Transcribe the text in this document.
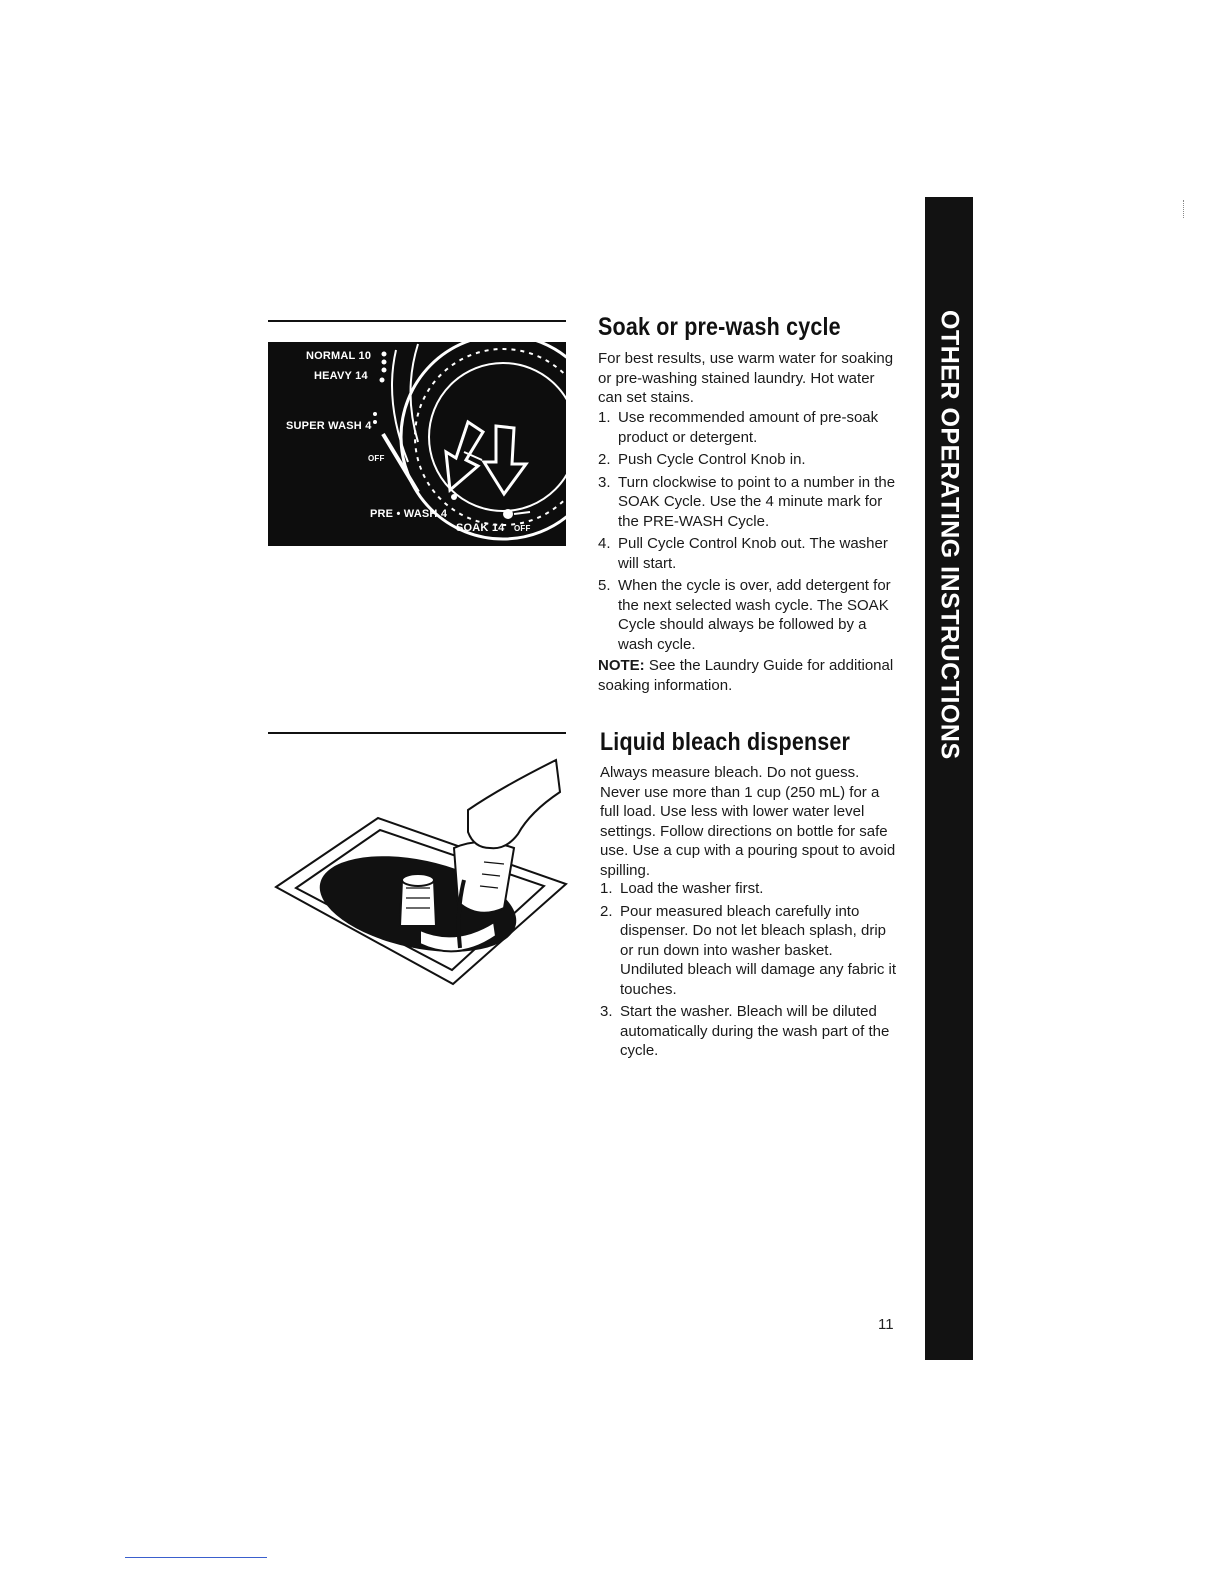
NORMAL 10
HEAVY 14
SUPER WASH 4
OFF
PRE • WASH 4
SOAK 14 OFF
Soak or pre-wash cycle

For best results, use warm water for soaking or pre-washing stained laundry. Hot water can set stains.

1. Use recommended amount of pre-soak product or detergent.
2. Push Cycle Control Knob in.
3. Turn clockwise to point to a number in the SOAK Cycle. Use the 4 minute mark for the PRE-WASH Cycle.
4. Pull Cycle Control Knob out. The washer will start.
5. When the cycle is over, add detergent for the next selected wash cycle. The SOAK Cycle should always be followed by a wash cycle.

NOTE: See the Laundry Guide for additional soaking information.

Liquid bleach dispenser

Always measure bleach. Do not guess. Never use more than 1 cup (250 mL) for a full load. Use less with lower water level settings. Follow directions on bottle for safe use. Use a cup with a pouring spout to avoid spilling.

1. Load the washer first.
2. Pour measured bleach carefully into dispenser. Do not let bleach splash, drip or run down into washer basket. Undiluted bleach will damage any fabric it touches.
3. Start the washer. Bleach will be diluted automatically during the wash part of the cycle.
OTHER OPERATING INSTRUCTIONS
11
